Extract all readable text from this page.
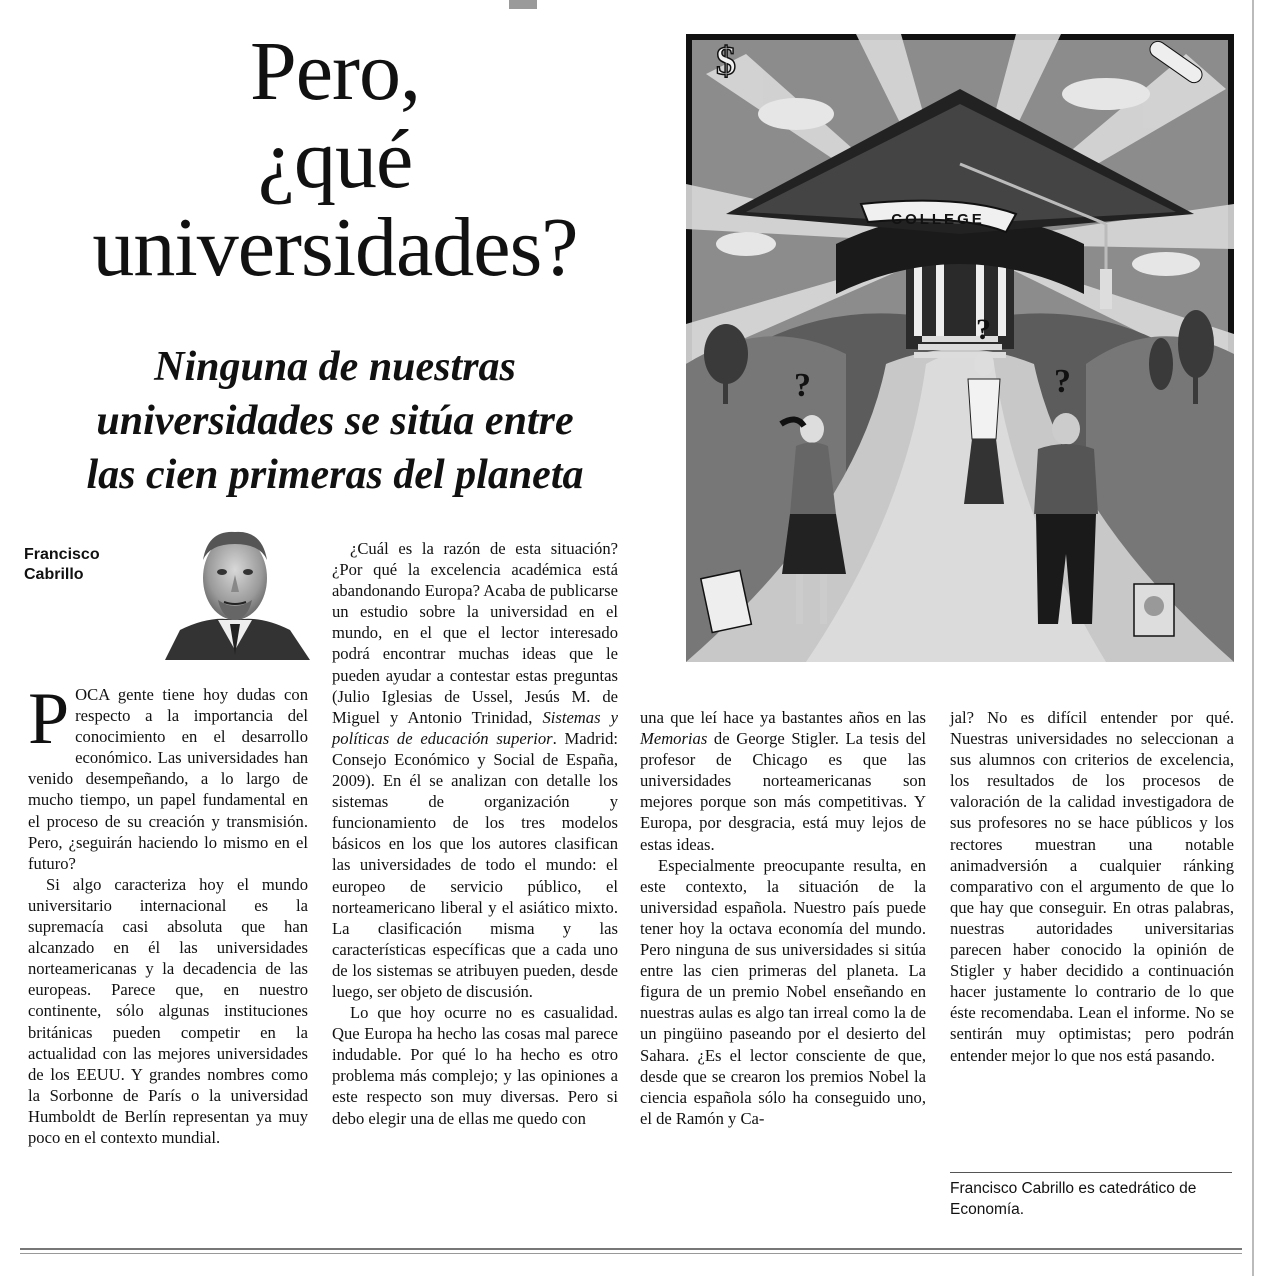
Pero,
¿qué
universidades?
Ninguna de nuestras
universidades se sitúa entre
las cien primeras del planeta
Francisco
Cabrillo

POCA gente tiene hoy dudas con respecto a la importancia del conocimiento en el desarrollo económico. Las universidades han venido desempeñando, a lo largo de mucho tiempo, un papel fundamental en el proceso de su creación y transmisión. Pero, ¿seguirán haciendo lo mismo en el futuro?

Si algo caracteriza hoy el mundo universitario internacional es la supremacía casi absoluta que han alcanzado en él las universidades norteamericanas y la decadencia de las europeas. Parece que, en nuestro continente, sólo algunas instituciones británicas pueden competir en la actualidad con las mejores universidades de los EEUU. Y grandes nombres como la Sorbonne de París o la universidad Humboldt de Berlín representan ya muy poco en el contexto mundial.

¿Cuál es la razón de esta situación? ¿Por qué la excelencia académica está abandonando Europa? Acaba de publicarse un estudio sobre la universidad en el mundo, en el que el lector interesado podrá encontrar muchas ideas que le pueden ayudar a contestar estas preguntas (Julio Iglesias de Ussel, Jesús M. de Miguel y Antonio Trinidad, Sistemas y políticas de educación superior. Madrid: Consejo Económico y Social de España, 2009). En él se analizan con detalle los sistemas de organización y funcionamiento de los tres modelos básicos en los que los autores clasifican las universidades de todo el mundo: el europeo de servicio público, el norteamericano liberal y el asiático mixto. La clasificación misma y las características específicas que a cada uno de los sistemas se atribuyen pueden, desde luego, ser objeto de discusión.

Lo que hoy ocurre no es casualidad. Que Europa ha hecho las cosas mal parece indudable. Por qué lo ha hecho es otro problema más complejo; y las opiniones a este respecto son muy diversas. Pero si debo elegir una de ellas me quedo con

una que leí hace ya bastantes años en las Memorias de George Stigler. La tesis del profesor de Chicago es que las universidades norteamericanas son mejores porque son más competitivas. Y Europa, por desgracia, está muy lejos de estas ideas.

Especialmente preocupante resulta, en este contexto, la situación de la universidad española. Nuestro país puede tener hoy la octava economía del mundo. Pero ninguna de sus universidades si sitúa entre las cien primeras del planeta. La figura de un premio Nobel enseñando en nuestras aulas es algo tan irreal como la de un pingüino paseando por el desierto del Sahara. ¿Es el lector consciente de que, desde que se crearon los premios Nobel la ciencia española sólo ha conseguido uno, el de Ramón y Ca-

jal? No es difícil entender por qué. Nuestras universidades no seleccionan a sus alumnos con criterios de excelencia, los resultados de los procesos de valoración de la calidad investigadora de sus profesores no se hace públicos y los rectores muestran una notable animadversión a cualquier ránking comparativo con el argumento de que lo que hay que conseguir. En otras palabras, nuestras autoridades universitarias parecen haber conocido la opinión de Stigler y haber decidido a continuación hacer justamente lo contrario de lo que éste recomendaba. Lean el informe. No se sentirán muy optimistas; pero podrán entender mejor lo que nos está pasando.

Francisco Cabrillo es catedrático de Economía.
COLLEGE
$
?
?
?
